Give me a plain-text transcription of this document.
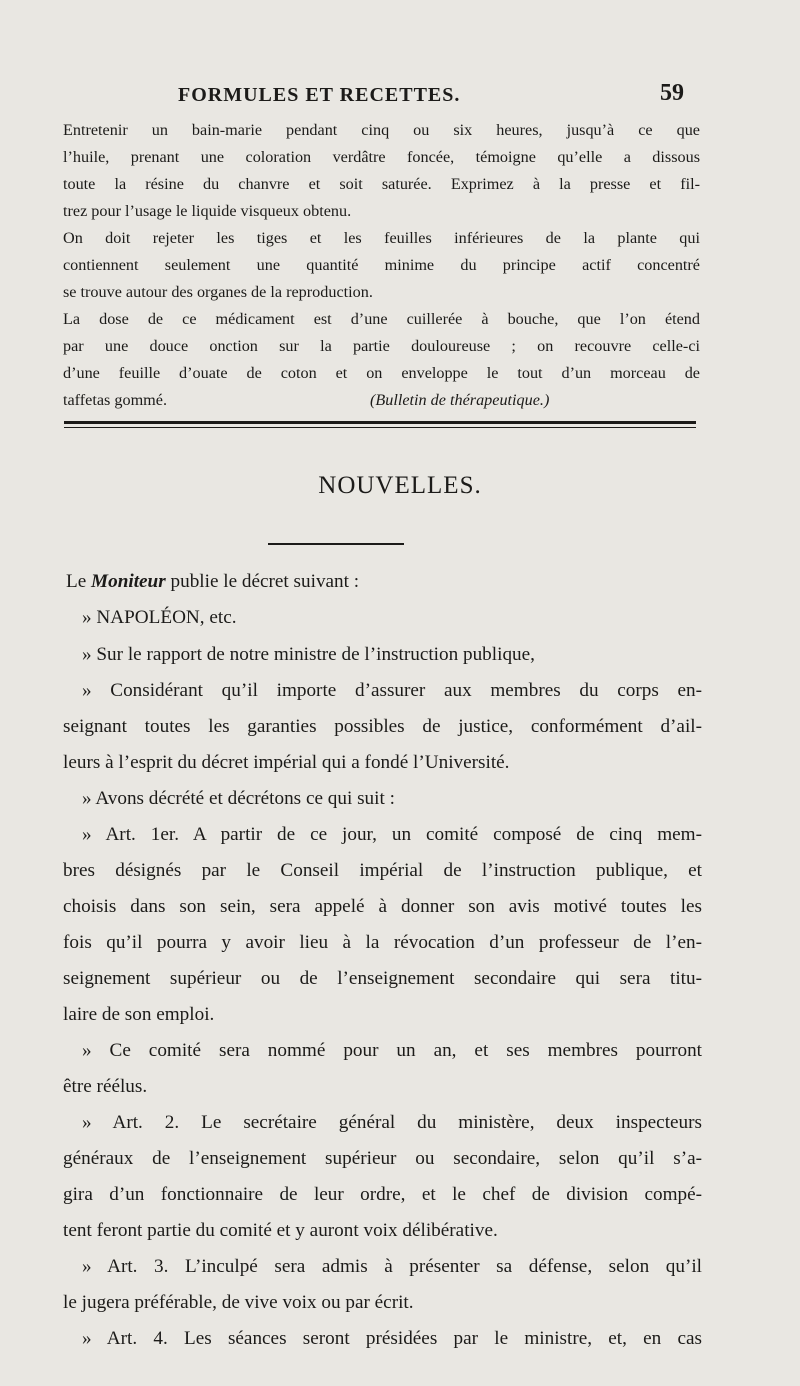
FORMULES ET RECETTES.	59

Entretenir un bain-marie pendant cinq ou six heures, jusqu’à ce que

l’huile, prenant une coloration verdâtre foncée, témoigne qu’elle a dissous

toute la résine du chanvre et soit saturée. Exprimez à la presse et fil-

trez pour l’usage le liquide visqueux obtenu.

On doit rejeter les tiges et les feuilles inférieures de la plante qui

contiennent seulement une quantité minime du principe actif concentré

se trouve autour des organes de la reproduction.

La dose de ce médicament est d’une cuillerée à bouche, que l’on étend

par une douce onction sur la partie douloureuse ; on recouvre celle-ci

d’une feuille d’ouate de coton et on enveloppe le tout d’un morceau de

taffetas gommé.	(Bulletin de thérapeutique.)
NOUVELLES.

Le Moniteur publie le décret suivant :

» NAPOLÉON, etc.

» Sur le rapport de notre ministre de l’instruction publique,

» Considérant qu’il importe d’assurer aux membres du corps en-

seignant toutes les garanties possibles de justice, conformément d’ail-

leurs à l’esprit du décret impérial qui a fondé l’Université.

» Avons décrété et décrétons ce qui suit :

» Art. 1er. A partir de ce jour, un comité composé de cinq mem-

bres désignés par le Conseil impérial de l’instruction publique, et

choisis dans son sein, sera appelé à donner son avis motivé toutes les

fois qu’il pourra y avoir lieu à la révocation d’un professeur de l’en-

seignement supérieur ou de l’enseignement secondaire qui sera titu-

laire de son emploi.

» Ce comité sera nommé pour un an, et ses membres pourront

être réélus.

» Art. 2. Le secrétaire général du ministère, deux inspecteurs

généraux de l’enseignement supérieur ou secondaire, selon qu’il s’a-

gira d’un fonctionnaire de leur ordre, et le chef de division compé-

tent feront partie du comité et y auront voix délibérative.

» Art. 3. L’inculpé sera admis à présenter sa défense, selon qu’il

le jugera préférable, de vive voix ou par écrit.

» Art. 4. Les séances seront présidées par le ministre, et, en cas
